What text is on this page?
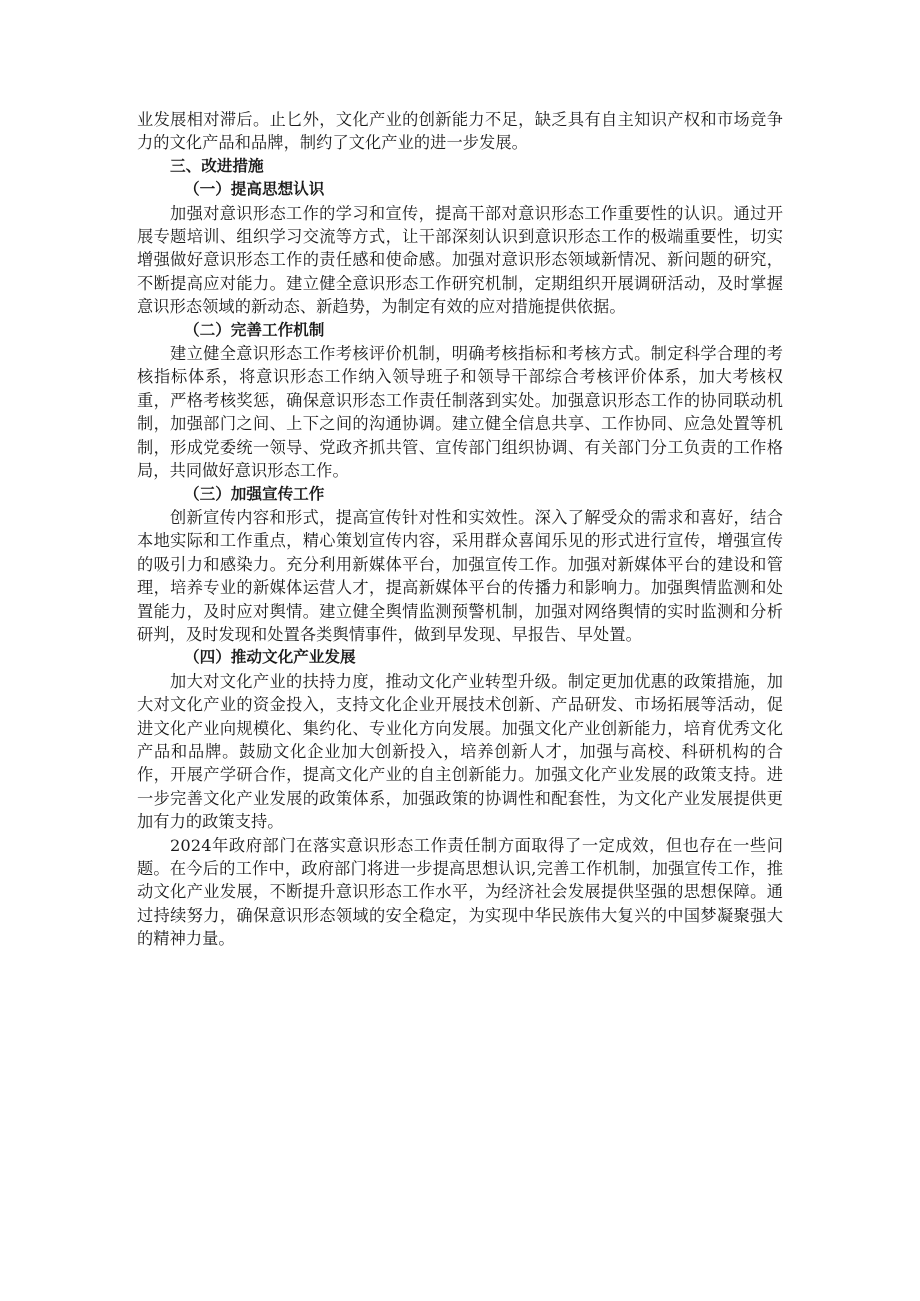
业发展相对滞后。止匕外，文化产业的创新能力不足，缺乏具有自主知识产权和市场竞争力的文化产品和品牌，制约了文化产业的进一步发展。

三、改进措施

（一）提高思想认识

加强对意识形态工作的学习和宣传，提高干部对意识形态工作重要性的认识。通过开展专题培训、组织学习交流等方式，让干部深刻认识到意识形态工作的极端重要性，切实增强做好意识形态工作的责任感和使命感。加强对意识形态领域新情况、新问题的研究，不断提高应对能力。建立健全意识形态工作研究机制，定期组织开展调研活动，及时掌握意识形态领域的新动态、新趋势，为制定有效的应对措施提供依据。

（二）完善工作机制

建立健全意识形态工作考核评价机制，明确考核指标和考核方式。制定科学合理的考核指标体系，将意识形态工作纳入领导班子和领导干部综合考核评价体系，加大考核权重，严格考核奖惩，确保意识形态工作责任制落到实处。加强意识形态工作的协同联动机制，加强部门之间、上下之间的沟通协调。建立健全信息共享、工作协同、应急处置等机制，形成党委统一领导、党政齐抓共管、宣传部门组织协调、有关部门分工负责的工作格局，共同做好意识形态工作。

（三）加强宣传工作

创新宣传内容和形式，提高宣传针对性和实效性。深入了解受众的需求和喜好，结合本地实际和工作重点，精心策划宣传内容，采用群众喜闻乐见的形式进行宣传，增强宣传的吸引力和感染力。充分利用新媒体平台，加强宣传工作。加强对新媒体平台的建设和管理，培养专业的新媒体运营人才，提高新媒体平台的传播力和影响力。加强舆情监测和处置能力，及时应对舆情。建立健全舆情监测预警机制，加强对网络舆情的实时监测和分析研判，及时发现和处置各类舆情事件，做到早发现、早报告、早处置。

（四）推动文化产业发展

加大对文化产业的扶持力度，推动文化产业转型升级。制定更加优惠的政策措施，加大对文化产业的资金投入，支持文化企业开展技术创新、产品研发、市场拓展等活动，促进文化产业向规模化、集约化、专业化方向发展。加强文化产业创新能力，培育优秀文化产品和品牌。鼓励文化企业加大创新投入，培养创新人才，加强与高校、科研机构的合作，开展产学研合作，提高文化产业的自主创新能力。加强文化产业发展的政策支持。进一步完善文化产业发展的政策体系，加强政策的协调性和配套性，为文化产业发展提供更加有力的政策支持。

2024年政府部门在落实意识形态工作责任制方面取得了一定成效，但也存在一些问题。在今后的工作中，政府部门将进一步提高思想认识,完善工作机制，加强宣传工作，推动文化产业发展，不断提升意识形态工作水平，为经济社会发展提供坚强的思想保障。通过持续努力，确保意识形态领域的安全稳定，为实现中华民族伟大复兴的中国梦凝聚强大的精神力量。
